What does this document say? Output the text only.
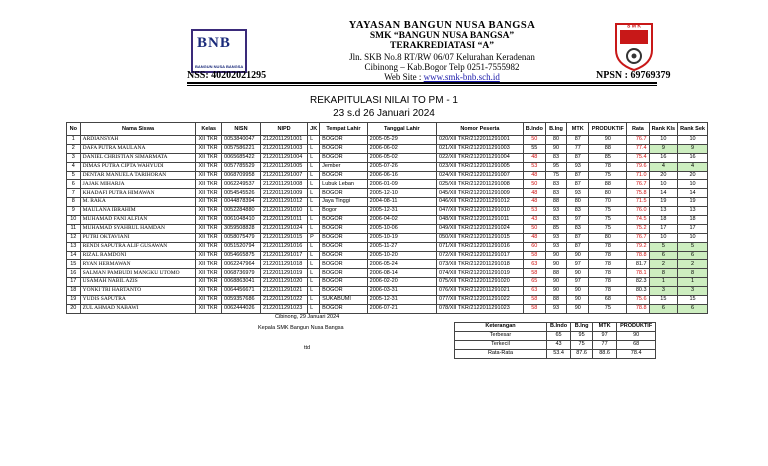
BNB
BANGUN NUSA BANGSA
YAYASAN BANGUN NUSA BANGSA
SMK “BANGUN NUSA BANGSA”
TERAKREDIATASI “A”
Jln. SKB No.8 RT/RW 06/07 Kelurahan Keradenan
Cibinong – Kab.Bogor Telp 0251-7555982
Web Site : www.smk-bnb.sch.id
S M K
NSS: 40202021295	NPSN : 69769379
REKAPITULASI NILAI TO PM - 1
23 s.d 26 Januari 2024
No	Nama Siswa	Kelas	NISN	NIPD	JK	Tempat Lahir	Tanggal Lahir	Nomor Peserta	B.Indo	B.Ing	MTK	PRODUKTIF	Rata	Rank Kls	Rank Sek
1	ARDIANSYAH	XII TKR	0053840047	2122011291001	L	BOGOR	2005-05-29	020/XII TKR/2122011291001	50	80	87	90	76.7	10	10
2	DAFA PUTRA MAULANA	XII TKR	0057586221	2122011291003	L	BOGOR	2006-06-02	021/XII TKR/2122011291003	55	90	77	88	77.4	9	9
3	DANIEL CHRISTIAN SIMARMATA	XII TKR	0065685422	2122011291004	L	BOGOR	2006-05-02	022/XII TKR/2122011291004	48	83	87	85	75.4	16	16
4	DIMAS PUTRA CIPTA WAHYUDI	XII TKR	0057785529	2122011291005	L	Jember	2005-07-26	023/XII TKR/2122011291005	53	95	93	78	79.6	4	4
5	DENTAR MANUELA TARIHORAN	XII TKR	0068709958	2122011291007	L	BOGOR	2006-06-16	024/XII TKR/2122011291007	48	75	87	75	71.0	20	20
6	JAJAK MIHARJA	XII TKR	0062249537	2122011291008	L	Lubuk Leban	2006-01-09	025/XII TKR/2122011291008	50	83	87	88	76.7	10	10
7	KHADAFI PUTRA HIMAWAN	XII TKR	0054545526	2122011291009	L	BOGOR	2005-12-10	045/XII TKR/2122011291009	48	83	93	80	75.8	14	14
8	M. RAKA	XII TKR	0044878394	2122011291012	L	Jaya Tinggi	2004-08-11	046/XII TKR/2122011291012	48	88	80	70	71.5	19	19
9	MAULANA IBRAHIM	XII TKR	0052284880	2122011291010	L	Bogor	2005-12-31	047/XII TKR/2122011291010	53	93	83	75	76.0	13	13
10	MUHAMAD FANI ALFIAN	XII TKR	0061048410	2122011291011	L	BOGOR	2006-04-02	048/XII TKR/2122011291011	43	83	97	75	74.5	18	18
11	MUHAMAD SYAHRUL HAMDAN	XII TKR	3059508828	2122011291024	L	BOGOR	2005-10-06	049/XII TKR/2122011291024	50	85	83	75	75.2	17	17
12	PUTRI OKTAVIANI	XII TKR	0058075479	2122011291015	P	BOGOR	2005-10-19	050/XII TKR/2122011291015	48	93	87	80	76.7	10	10
13	RENDI SAPUTRA ALIF GUSAWAN	XII TKR	0051520794	2122011291016	L	BOGOR	2005-11-27	071/XII TKR/2122011291016	60	93	87	78	79.2	5	5
14	RIZAL RAMDONI	XII TKR	0054665875	2122011291017	L	BOGOR	2005-10-20	072/XII TKR/2122011291017	58	90	90	78	78.8	6	6
15	RYAN HERMAWAN	XII TKR	0062247964	2122011291018	L	BOGOR	2006-05-24	073/XII TKR/2122011291018	63	90	97	78	81.7	2	2
16	SALMAN PAMBUDI MANGKU UTOMO	XII TKR	0068736979	2122011291019	L	BOGOR	2006-08-14	074/XII TKR/2122011291019	58	88	90	78	78.1	8	8
17	USAMAH NABIL AZIS	XII TKR	0068863041	2122011291020	L	BOGOR	2006-02-20	075/XII TKR/2122011291020	65	90	97	78	82.3	1	1
18	YONKI TRI HARTANTO	XII TKR	0064456671	2122011291021	L	BOGOR	2006-03-31	076/XII TKR/2122011291021	63	90	90	78	80.3	3	3
19	YUDIS SAPUTRA	XII TKR	0059357686	2122011291022	L	SUKABUMI	2005-12-31	077/XII TKR/2122011291022	58	88	90	68	75.6	15	15
20	ZUL AHMAD NABAWI	XII TKR	0062444026	2122011291023	L	BOGOR	2006-07-21	078/XII TKR/2122011291023	58	93	90	75	78.8	6	6
Cibinong, 29 Januari 2024
Kepala SMK Bangun Nusa Bangsa
ttd
Keterangan	B.Indo	B.Ing	MTK	PRODUKTIF
Terbesar	65	95	97	90
Terkecil	43	75	77	68
Rata-Rata	53.4	87.6	88.6	78.4
